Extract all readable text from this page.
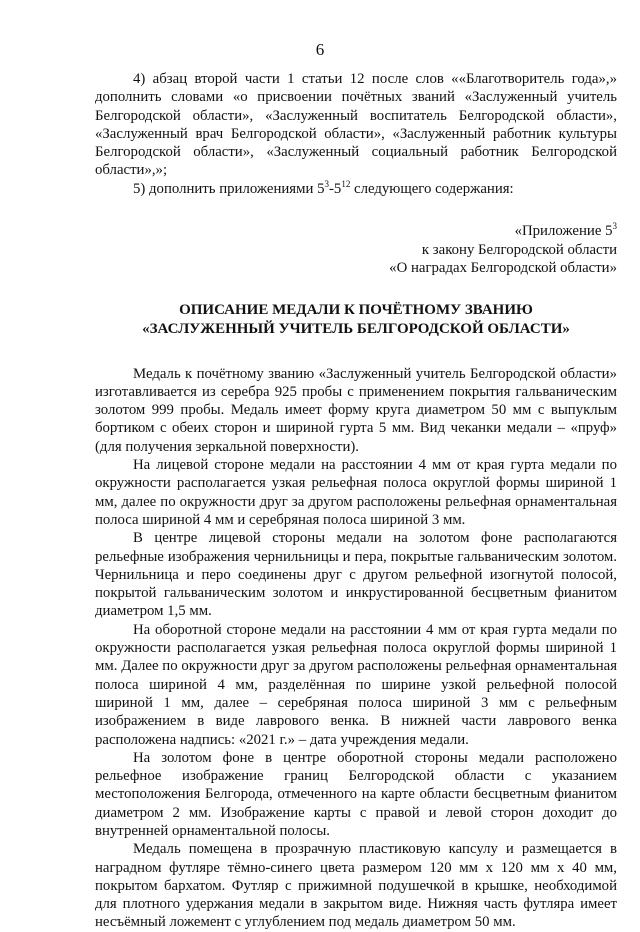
6

4) абзац второй части 1 статьи 12 после слов ««Благотворитель года»,» дополнить словами «о присвоении почётных званий «Заслуженный учитель Белгородской области», «Заслуженный воспитатель Белгородской области», «Заслуженный врач Белгородской области», «Заслуженный работник культуры Белгородской области», «Заслуженный социальный работник Белгородской области»,»;

5) дополнить приложениями $5^3-5^{12}$ следующего содержания:

«Приложение $5^3$
к закону Белгородской области
«О наградах Белгородской области»
ОПИСАНИЕ МЕДАЛИ К ПОЧЁТНОМУ ЗВАНИЮ
«ЗАСЛУЖЕННЫЙ УЧИТЕЛЬ БЕЛГОРОДСКОЙ ОБЛАСТИ»

Медаль к почётному званию «Заслуженный учитель Белгородской области» изготавливается из серебра 925 пробы с применением покрытия гальваническим золотом 999 пробы. Медаль имеет форму круга диаметром 50 мм с выпуклым бортиком с обеих сторон и шириной гурта 5 мм. Вид чеканки медали – «пруф» (для получения зеркальной поверхности).

На лицевой стороне медали на расстоянии 4 мм от края гурта медали по окружности располагается узкая рельефная полоса округлой формы шириной 1 мм, далее по окружности друг за другом расположены рельефная орнаментальная полоса шириной 4 мм и серебряная полоса шириной 3 мм.

В центре лицевой стороны медали на золотом фоне располагаются рельефные изображения чернильницы и пера, покрытые гальваническим золотом. Чернильница и перо соединены друг с другом рельефной изогнутой полосой, покрытой гальваническим золотом и инкрустированной бесцветным фианитом диаметром 1,5 мм.

На оборотной стороне медали на расстоянии 4 мм от края гурта медали по окружности располагается узкая рельефная полоса округлой формы шириной 1 мм. Далее по окружности друг за другом расположены рельефная орнаментальная полоса шириной 4 мм, разделённая по ширине узкой рельефной полосой шириной 1 мм, далее – серебряная полоса шириной 3 мм с рельефным изображением в виде лаврового венка. В нижней части лаврового венка расположена надпись: «2021 г.» – дата учреждения медали.

На золотом фоне в центре оборотной стороны медали расположено рельефное изображение границ Белгородской области с указанием местоположения Белгорода, отмеченного на карте области бесцветным фианитом диаметром 2 мм. Изображение карты с правой и левой сторон доходит до внутренней орнаментальной полосы.

Медаль помещена в прозрачную пластиковую капсулу и размещается в наградном футляре тёмно-синего цвета размером 120 мм х 120 мм х 40 мм, покрытом бархатом. Футляр с прижимной подушечкой в крышке, необходимой для плотного удержания медали в закрытом виде. Нижняя часть футляра имеет несъёмный ложемент с углублением под медаль диаметром 50 мм.
